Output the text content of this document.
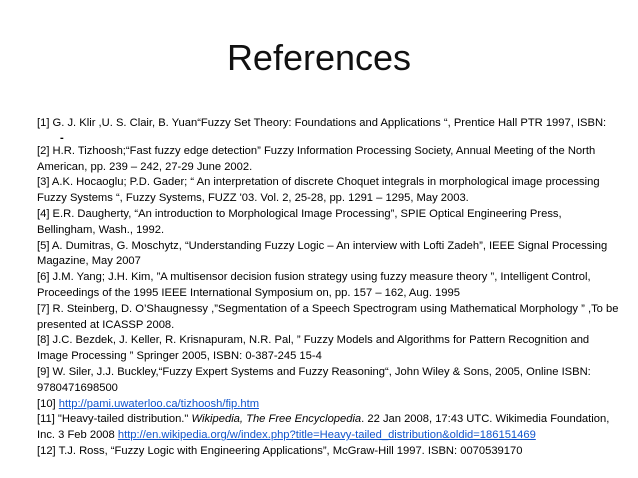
References

[1] G. J. Klir ,U. S. Clair, B. Yuan“Fuzzy Set Theory: Foundations and Applications “, Prentice Hall PTR 1997, ISBN:

-

[2] H.R. Tizhoosh;“Fast fuzzy edge detection” Fuzzy Information Processing Society, Annual Meeting of the North American, pp. 239 – 242, 27-29 June 2002.

[3] A.K. Hocaoglu; P.D. Gader; “ An interpretation of discrete Choquet integrals in morphological image processing Fuzzy Systems “, Fuzzy Systems, FUZZ '03. Vol. 2, 25-28, pp. 1291 – 1295, May 2003.

[4] E.R. Daugherty, “An introduction to Morphological Image Processing”, SPIE Optical Engineering Press, Bellingham, Wash., 1992.

[5] A. Dumitras, G. Moschytz, “Understanding Fuzzy Logic – An interview with Lofti Zadeh”, IEEE Signal Processing Magazine, May 2007

[6] J.M. Yang; J.H. Kim, ”A multisensor decision fusion strategy using fuzzy measure theory ”, Intelligent Control, Proceedings of the 1995 IEEE International Symposium on, pp. 157 – 162, Aug. 1995

[7] R. Steinberg, D. O’Shaugnessy ,”Segmentation of a Speech Spectrogram using Mathematical Morphology ” ,To be presented at ICASSP 2008.

[8] J.C. Bezdek, J. Keller, R. Krisnapuram, N.R. Pal, ” Fuzzy Models and Algorithms for Pattern Recognition and Image Processing ” Springer 2005, ISBN: 0-387-245 15-4

[9] W. Siler, J.J. Buckley,“Fuzzy Expert Systems and Fuzzy Reasoning“, John Wiley & Sons, 2005, Online ISBN: 9780471698500

[10] http://pami.uwaterloo.ca/tizhoosh/fip.htm

[11] "Heavy-tailed distribution." Wikipedia, The Free Encyclopedia. 22 Jan 2008, 17:43 UTC. Wikimedia Foundation, Inc. 3 Feb 2008 http://en.wikipedia.org/w/index.php?title=Heavy-tailed_distribution&oldid=186151469

[12] T.J. Ross, “Fuzzy Logic with Engineering Applications”, McGraw-Hill 1997. ISBN: 0070539170
